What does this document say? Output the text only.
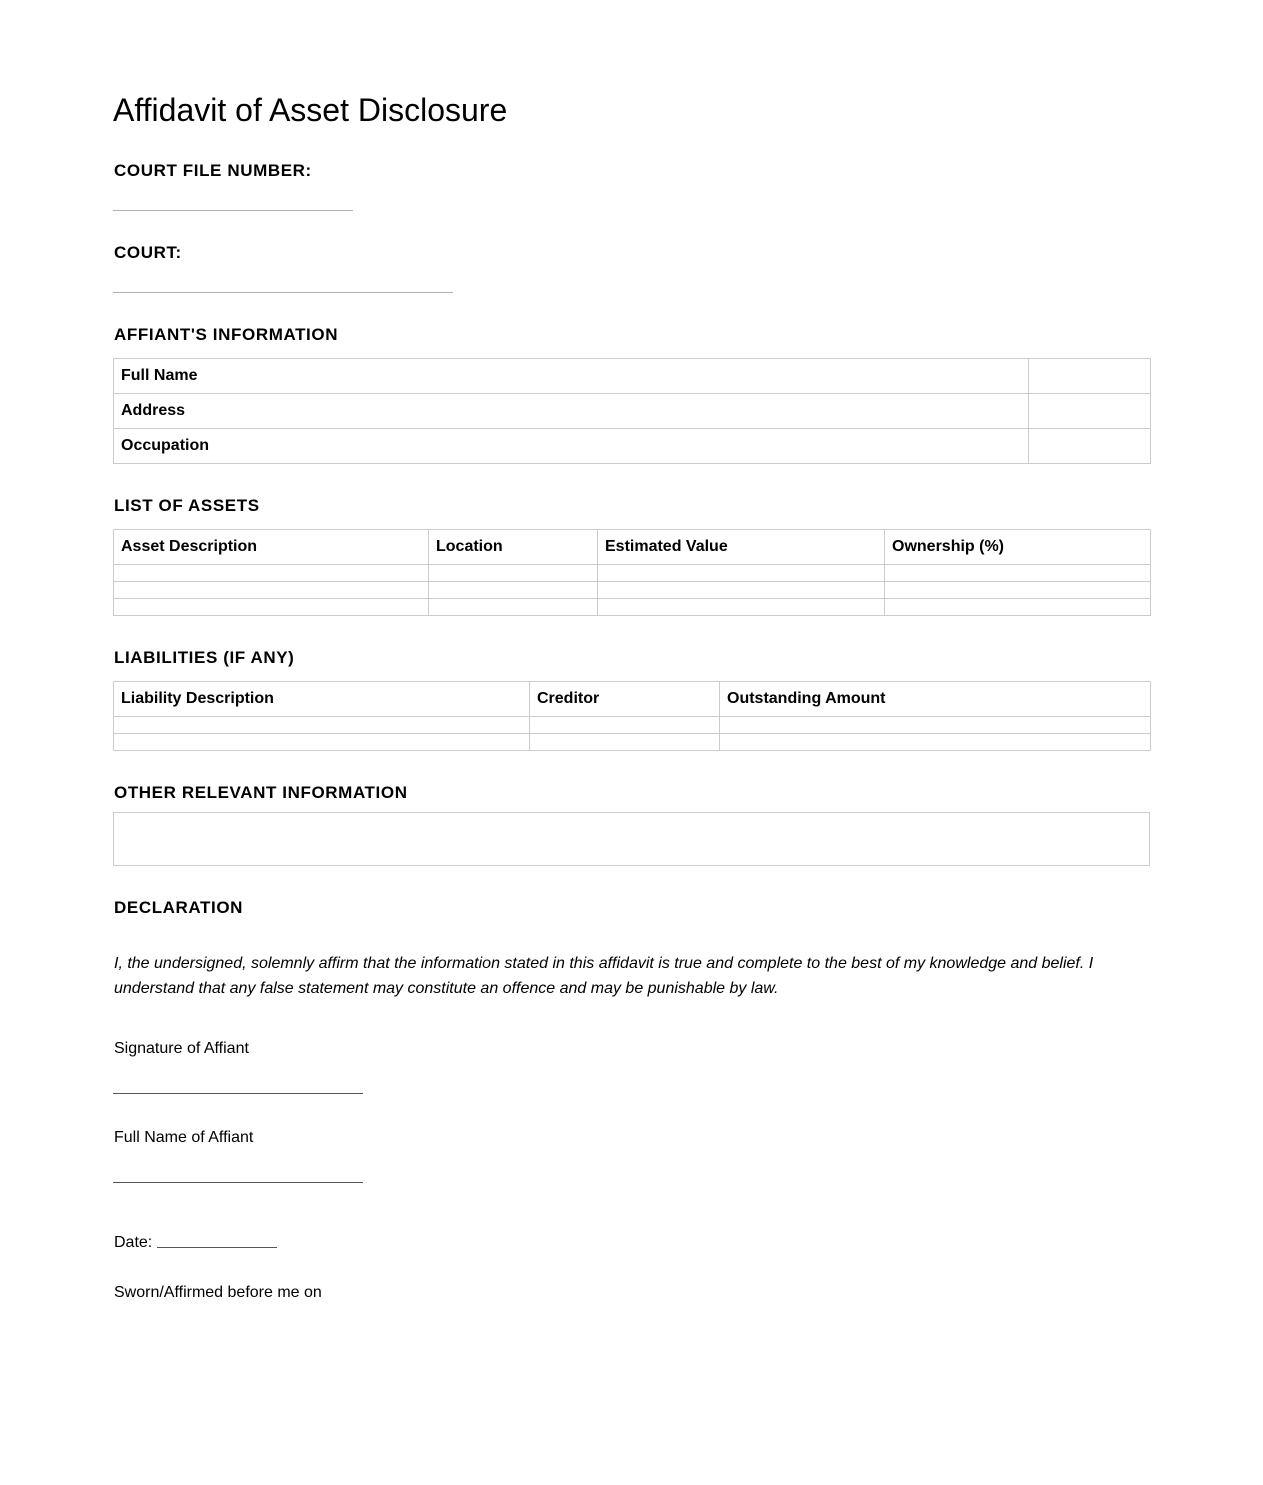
Affidavit of Asset Disclosure
COURT FILE NUMBER:
COURT:
AFFIANT'S INFORMATION
Full Name	
Address	
Occupation	
LIST OF ASSETS
Asset Description	Location	Estimated Value	Ownership (%)

LIABILITIES (IF ANY)
Liability Description	Creditor	Outstanding Amount

OTHER RELEVANT INFORMATION
DECLARATION

I, the undersigned, solemnly affirm that the information stated in this affidavit is true and complete to the best of my knowledge and belief. I understand that any false statement may constitute an offence and may be punishable by law.

Signature of Affiant
Full Name of Affiant
Date:
Sworn/Affirmed before me on
